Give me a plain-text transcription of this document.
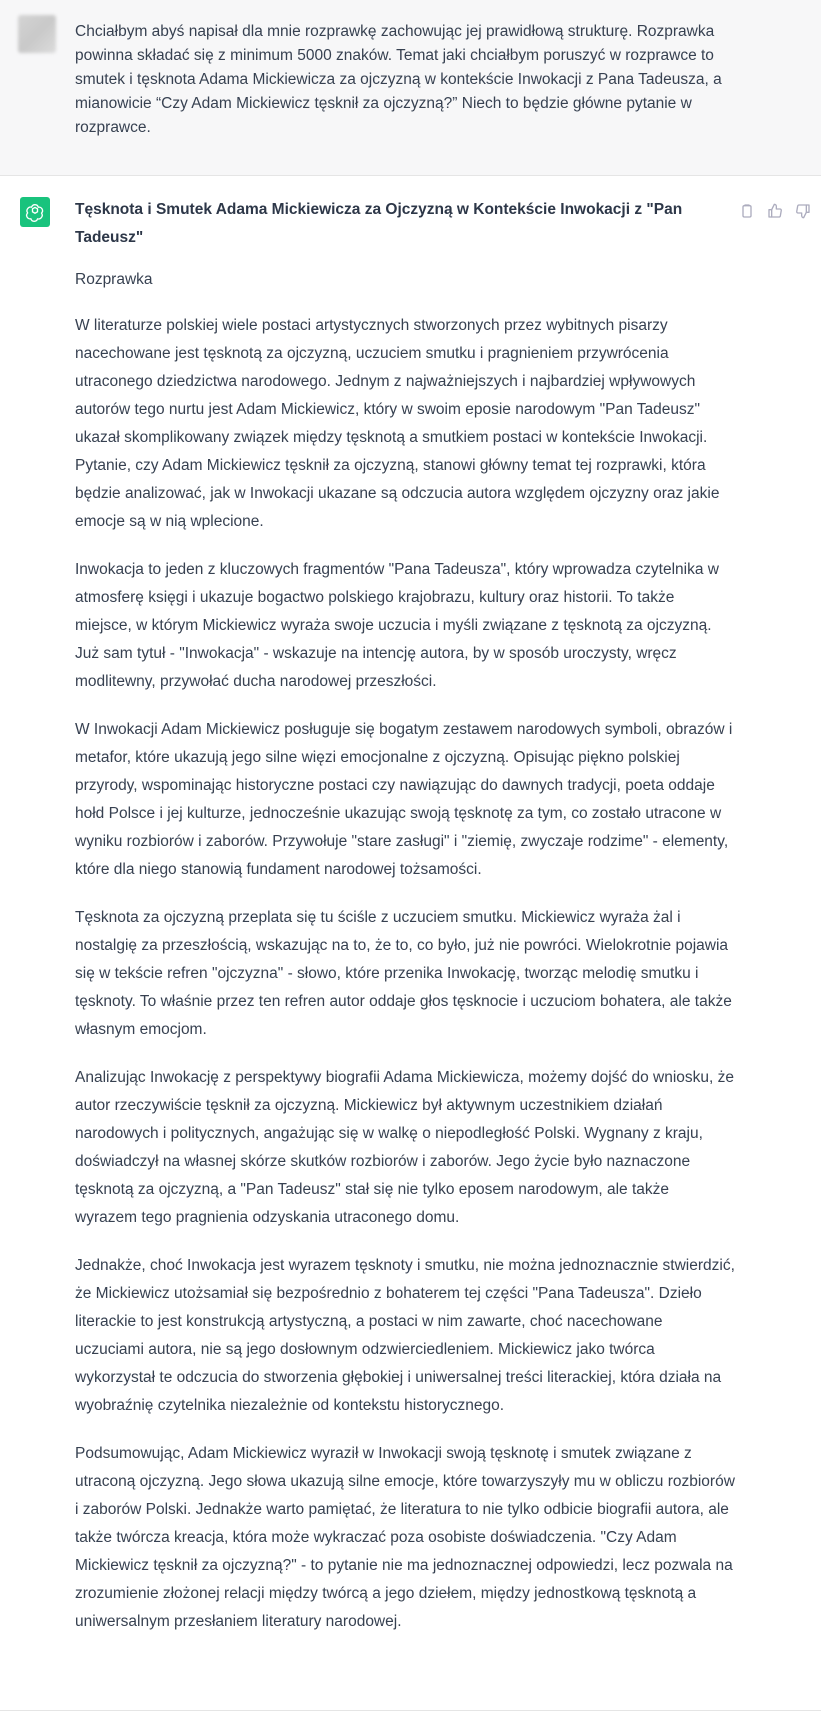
Chciałbym abyś napisał dla mnie rozprawkę zachowując jej prawidłową strukturę. Rozprawka powinna składać się z minimum 5000 znaków. Temat jaki chciałbym poruszyć w rozprawce to smutek i tęsknota Adama Mickiewicza za ojczyzną w kontekście Inwokacji z Pana Tadeusza, a mianowicie “Czy Adam Mickiewicz tęsknił za ojczyzną?” Niech to będzie główne pytanie w rozprawce.

Tęsknota i Smutek Adama Mickiewicza za Ojczyzną w Kontekście Inwokacji z "Pan Tadeusz"

Rozprawka

W literaturze polskiej wiele postaci artystycznych stworzonych przez wybitnych pisarzy nacechowane jest tęsknotą za ojczyzną, uczuciem smutku i pragnieniem przywrócenia utraconego dziedzictwa narodowego. Jednym z najważniejszych i najbardziej wpływowych autorów tego nurtu jest Adam Mickiewicz, który w swoim eposie narodowym "Pan Tadeusz" ukazał skomplikowany związek między tęsknotą a smutkiem postaci w kontekście Inwokacji. Pytanie, czy Adam Mickiewicz tęsknił za ojczyzną, stanowi główny temat tej rozprawki, która będzie analizować, jak w Inwokacji ukazane są odczucia autora względem ojczyzny oraz jakie emocje są w nią wplecione.

Inwokacja to jeden z kluczowych fragmentów "Pana Tadeusza", który wprowadza czytelnika w atmosferę księgi i ukazuje bogactwo polskiego krajobrazu, kultury oraz historii. To także miejsce, w którym Mickiewicz wyraża swoje uczucia i myśli związane z tęsknotą za ojczyzną. Już sam tytuł - "Inwokacja" - wskazuje na intencję autora, by w sposób uroczysty, wręcz modlitewny, przywołać ducha narodowej przeszłości.

W Inwokacji Adam Mickiewicz posługuje się bogatym zestawem narodowych symboli, obrazów i metafor, które ukazują jego silne więzi emocjonalne z ojczyzną. Opisując piękno polskiej przyrody, wspominając historyczne postaci czy nawiązując do dawnych tradycji, poeta oddaje hołd Polsce i jej kulturze, jednocześnie ukazując swoją tęsknotę za tym, co zostało utracone w wyniku rozbiorów i zaborów. Przywołuje "stare zasługi" i "ziemię, zwyczaje rodzime" - elementy, które dla niego stanowią fundament narodowej tożsamości.

Tęsknota za ojczyzną przeplata się tu ściśle z uczuciem smutku. Mickiewicz wyraża żal i nostalgię za przeszłością, wskazując na to, że to, co było, już nie powróci. Wielokrotnie pojawia się w tekście refren "ojczyzna" - słowo, które przenika Inwokację, tworząc melodię smutku i tęsknoty. To właśnie przez ten refren autor oddaje głos tęsknocie i uczuciom bohatera, ale także własnym emocjom.

Analizując Inwokację z perspektywy biografii Adama Mickiewicza, możemy dojść do wniosku, że autor rzeczywiście tęsknił za ojczyzną. Mickiewicz był aktywnym uczestnikiem działań narodowych i politycznych, angażując się w walkę o niepodległość Polski. Wygnany z kraju, doświadczył na własnej skórze skutków rozbiorów i zaborów. Jego życie było naznaczone tęsknotą za ojczyzną, a "Pan Tadeusz" stał się nie tylko eposem narodowym, ale także wyrazem tego pragnienia odzyskania utraconego domu.

Jednakże, choć Inwokacja jest wyrazem tęsknoty i smutku, nie można jednoznacznie stwierdzić, że Mickiewicz utożsamiał się bezpośrednio z bohaterem tej części "Pana Tadeusza". Dzieło literackie to jest konstrukcją artystyczną, a postaci w nim zawarte, choć nacechowane uczuciami autora, nie są jego dosłownym odzwierciedleniem. Mickiewicz jako twórca wykorzystał te odczucia do stworzenia głębokiej i uniwersalnej treści literackiej, która działa na wyobraźnię czytelnika niezależnie od kontekstu historycznego.

Podsumowując, Adam Mickiewicz wyraził w Inwokacji swoją tęsknotę i smutek związane z utraconą ojczyzną. Jego słowa ukazują silne emocje, które towarzyszyły mu w obliczu rozbiorów i zaborów Polski. Jednakże warto pamiętać, że literatura to nie tylko odbicie biografii autora, ale także twórcza kreacja, która może wykraczać poza osobiste doświadczenia. "Czy Adam Mickiewicz tęsknił za ojczyzną?" - to pytanie nie ma jednoznacznej odpowiedzi, lecz pozwala na zrozumienie złożonej relacji między twórcą a jego dziełem, między jednostkową tęsknotą a uniwersalnym przesłaniem literatury narodowej.
